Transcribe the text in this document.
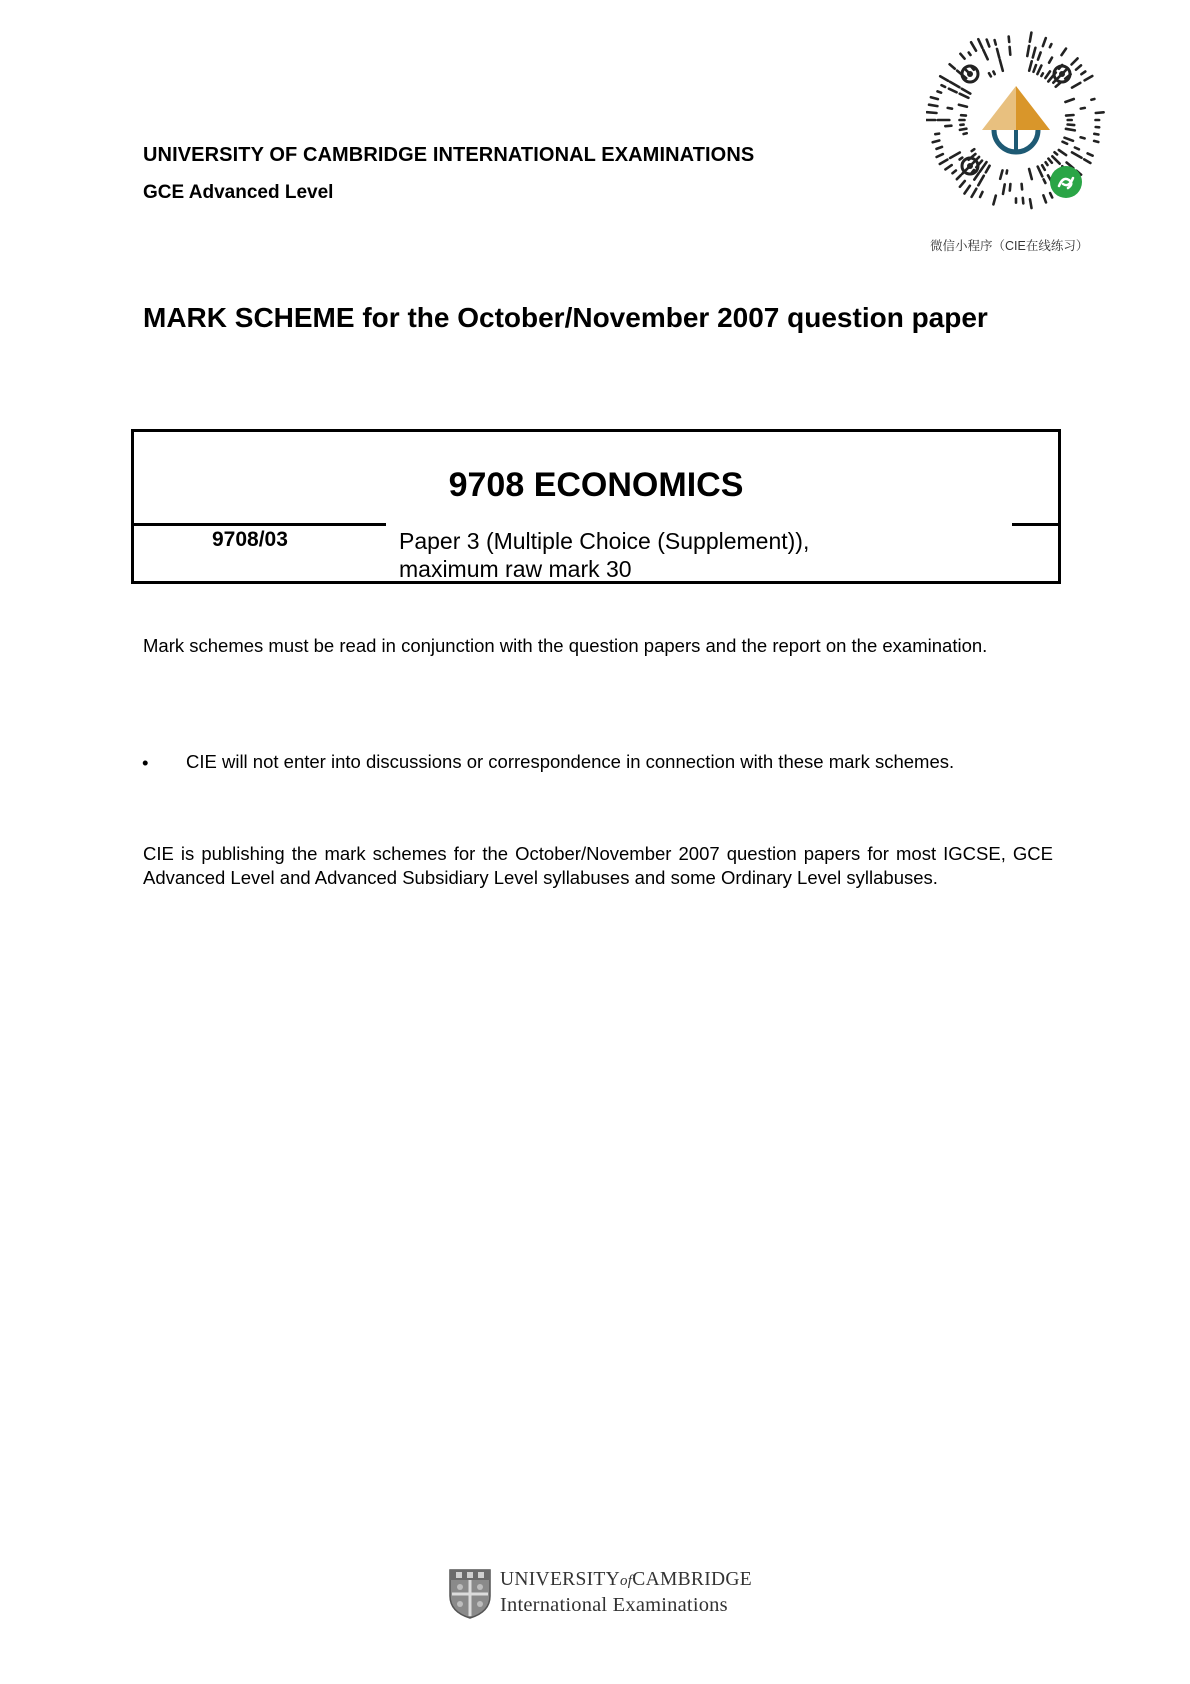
UNIVERSITY OF CAMBRIDGE INTERNATIONAL EXAMINATIONS
GCE Advanced Level
微信小程序（CIE在线练习）
MARK SCHEME for the October/November 2007 question paper
9708 ECONOMICS
9708/03	Paper 3 (Multiple Choice (Supplement)),
maximum raw mark 30
Mark schemes must be read in conjunction with the question papers and the report on the examination.
• CIE will not enter into discussions or correspondence in connection with these mark schemes.
CIE is publishing the mark schemes for the October/November 2007 question papers for most IGCSE, GCE Advanced Level and Advanced Subsidiary Level syllabuses and some Ordinary Level syllabuses.
UNIVERSITYofCAMBRIDGE
International Examinations
